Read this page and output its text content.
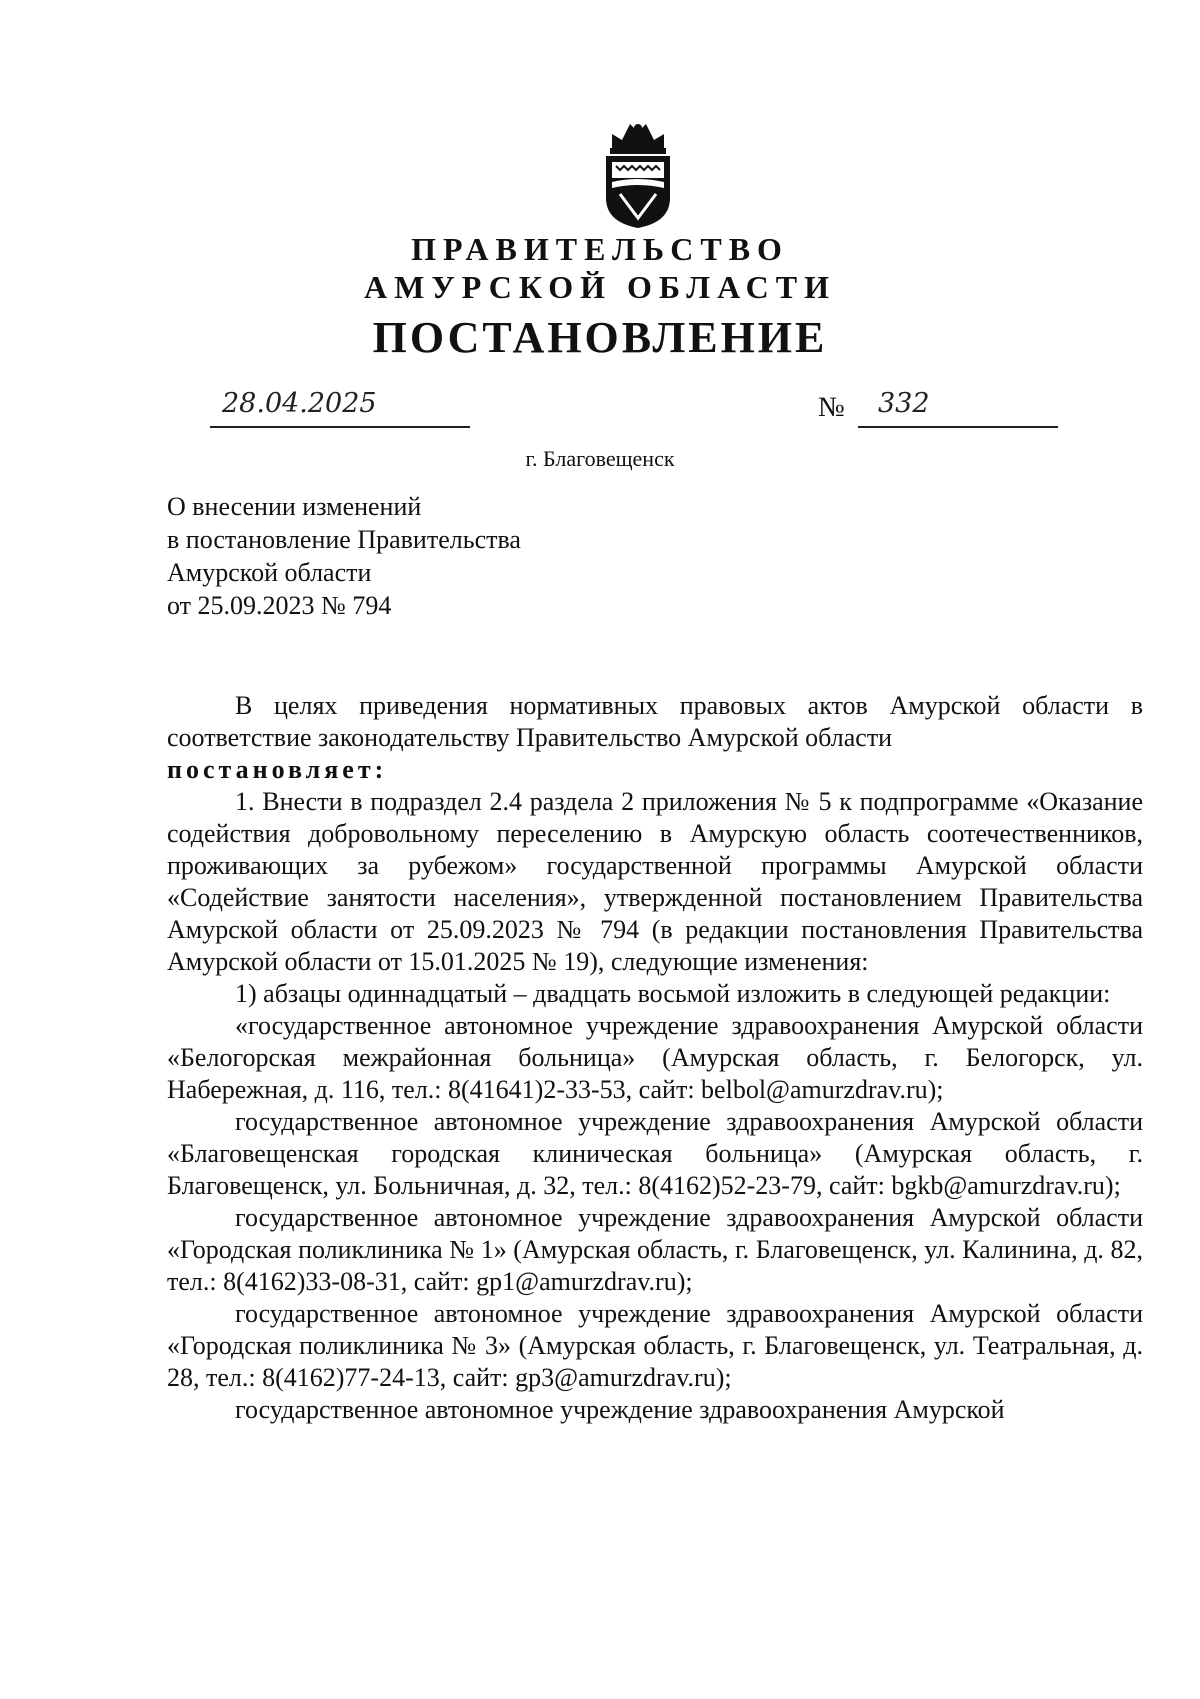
ПРАВИТЕЛЬСТВО
АМУРСКОЙ ОБЛАСТИ
ПОСТАНОВЛЕНИЕ
28.04.2025	№ 332
г. Благовещенск
О внесении изменений
в постановление Правительства
Амурской области
от 25.09.2023 № 794

В целях приведения нормативных правовых актов Амурской области в соответствие законодательству Правительство Амурской области

постановляет:

1. Внести в подраздел 2.4 раздела 2 приложения № 5 к подпрограмме «Оказание содействия добровольному переселению в Амурскую область соотечественников, проживающих за рубежом» государственной программы Амурской области «Содействие занятости населения», утвержденной постановлением Правительства Амурской области от 25.09.2023 № 794 (в редакции постановления Правительства Амурской области от 15.01.2025 № 19), следующие изменения:

1) абзацы одиннадцатый – двадцать восьмой изложить в следующей редакции:

«государственное автономное учреждение здравоохранения Амурской области «Белогорская межрайонная больница» (Амурская область, г. Белогорск, ул. Набережная, д. 116, тел.: 8(41641)2-33-53, сайт: belbol@amurzdrav.ru);

государственное автономное учреждение здравоохранения Амурской области «Благовещенская городская клиническая больница» (Амурская область, г. Благовещенск, ул. Больничная, д. 32, тел.: 8(4162)52-23-79, сайт: bgkb@amurzdrav.ru);

государственное автономное учреждение здравоохранения Амурской области «Городская поликлиника № 1» (Амурская область, г. Благовещенск, ул. Калинина, д. 82, тел.: 8(4162)33-08-31, сайт: gp1@amurzdrav.ru);

государственное автономное учреждение здравоохранения Амурской области «Городская поликлиника № 3» (Амурская область, г. Благовещенск, ул. Театральная, д. 28, тел.: 8(4162)77-24-13, сайт: gp3@amurzdrav.ru);

государственное автономное учреждение здравоохранения Амурской
